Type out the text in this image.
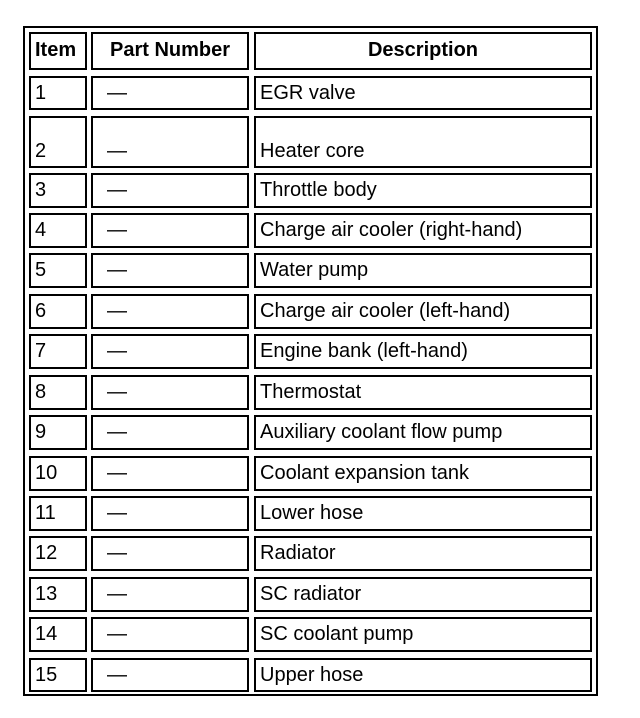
Item	Part Number	Description
1	—	EGR valve
2	—	Heater core
3	—	Throttle body
4	—	Charge air cooler (right-hand)
5	—	Water pump
6	—	Charge air cooler (left-hand)
7	—	Engine bank (left-hand)
8	—	Thermostat
9	—	Auxiliary coolant flow pump
10	—	Coolant expansion tank
11	—	Lower hose
12	—	Radiator
13	—	SC radiator
14	—	SC coolant pump
15	—	Upper hose
